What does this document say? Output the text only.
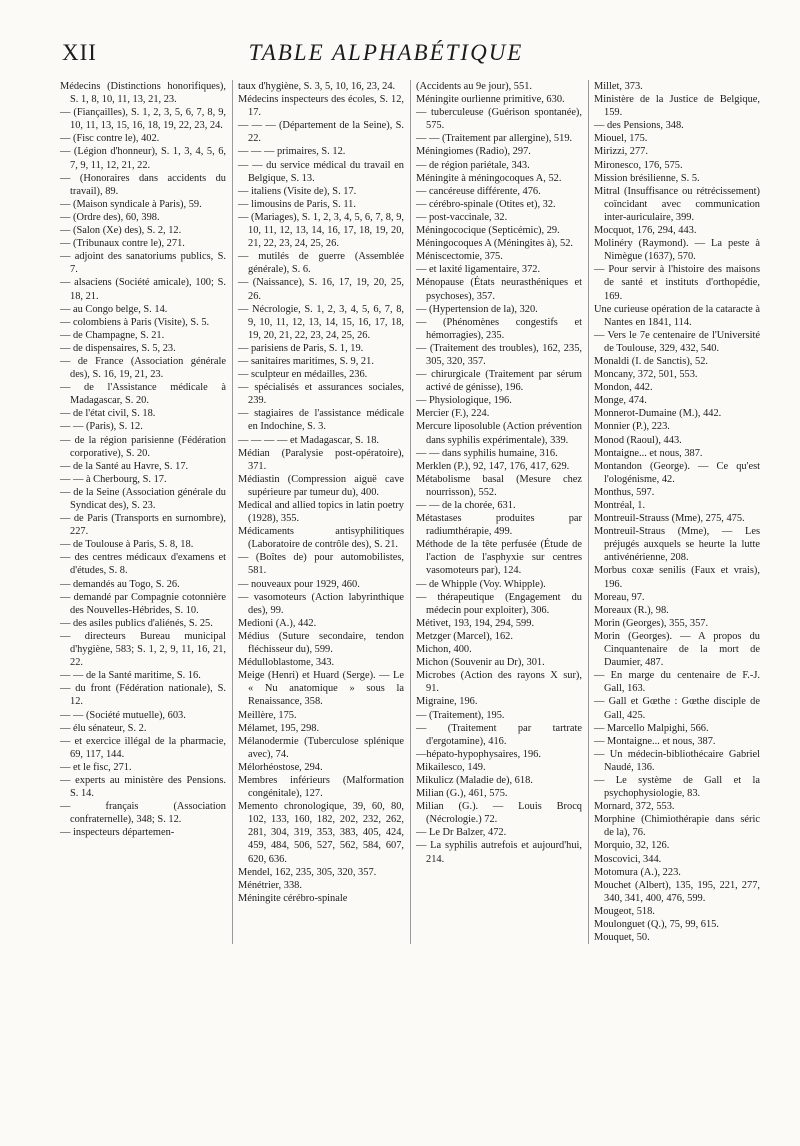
XII	TABLE ALPHABÉTIQUE

Médecins (Distinctions honorifiques), S. 1, 8, 10, 11, 13, 21, 23.

— (Fiançailles), S. 1, 2, 3, 5, 6, 7, 8, 9, 10, 11, 13, 15, 16, 18, 19, 22, 23, 24.

— (Fisc contre le), 402.

— (Légion d'honneur), S. 1, 3, 4, 5, 6, 7, 9, 11, 12, 21, 22.

— (Honoraires dans accidents du travail), 89.

— (Maison syndicale à Paris), 59.

— (Ordre des), 60, 398.

— (Salon (Xe) des), S. 2, 12.

— (Tribunaux contre le), 271.

— adjoint des sanatoriums publics, S. 7.

— alsaciens (Société amicale), 100; S. 18, 21.

— au Congo belge, S. 14.

— colombiens à Paris (Visite), S. 5.

— de Champagne, S. 21.

— de dispensaires, S. 5, 23.

— de France (Association générale des), S. 16, 19, 21, 23.

— de l'Assistance médicale à Madagascar, S. 20.

— de l'état civil, S. 18.

— — (Paris), S. 12.

— de la région parisienne (Fédération corporative), S. 20.

— de la Santé au Havre, S. 17.

— — à Cherbourg, S. 17.

— de la Seine (Association générale du Syndicat des), S. 23.

— de Paris (Transports en surnombre), 227.

— de Toulouse à Paris, S. 8, 18.

— des centres médicaux d'examens et d'études, S. 8.

— demandés au Togo, S. 26.

— demandé par Compagnie cotonnière des Nouvelles-Hébrides, S. 10.

— des asiles publics d'aliénés, S. 25.

— directeurs Bureau municipal d'hygiène, 583; S. 1, 2, 9, 11, 16, 21, 22.

— — de la Santé maritime, S. 16.

— du front (Fédération nationale), S. 12.

— — (Société mutuelle), 603.

— élu sénateur, S. 2.

— et exercice illégal de la pharmacie, 69, 117, 144.

— et le fisc, 271.

— experts au ministère des Pensions. S. 14.

— français (Association confraternelle), 348; S. 12.

— inspecteurs départemen-

taux d'hygiène, S. 3, 5, 10, 16, 23, 24.

Médecins inspecteurs des écoles, S. 12, 17.

— — — (Département de la Seine), S. 22.

— — — primaires, S. 12.

— — du service médical du travail en Belgique, S. 13.

— italiens (Visite de), S. 17.

— limousins de Paris, S. 11.

— (Mariages), S. 1, 2, 3, 4, 5, 6, 7, 8, 9, 10, 11, 12, 13, 14, 16, 17, 18, 19, 20, 21, 22, 23, 24, 25, 26.

— mutilés de guerre (Assemblée générale), S. 6.

— (Naissance), S. 16, 17, 19, 20, 25, 26.

— Nécrologie, S. 1, 2, 3, 4, 5, 6, 7, 8, 9, 10, 11, 12, 13, 14, 15, 16, 17, 18, 19, 20, 21, 22, 23, 24, 25, 26.

— parisiens de Paris, S. 1, 19.

— sanitaires maritimes, S. 9, 21.

— sculpteur en médailles, 236.

— spécialisés et assurances sociales, 239.

— stagiaires de l'assistance médicale en Indochine, S. 3.

— — — — et Madagascar, S. 18.

Médian (Paralysie post-opératoire), 371.

Médiastin (Compression aiguë cave supérieure par tumeur du), 400.

Medical and allied topics in latin poetry (1928), 355.

Médicaments antisyphilitiques (Laboratoire de contrôle des), S. 21.

— (Boîtes de) pour automobilistes, 581.

— nouveaux pour 1929, 460.

— vasomoteurs (Action labyrinthique des), 99.

Medioni (A.), 442.

Médius (Suture secondaire, tendon fléchisseur du), 599.

Médulloblastome, 343.

Meige (Henri) et Huard (Serge). — Le « Nu anatomique » sous la Renaissance, 358.

Meillère, 175.

Mélamet, 195, 298.

Mélanodermie (Tuberculose splénique avec), 74.

Mélorhéostose, 294.

Membres inférieurs (Malformation congénitale), 127.

Memento chronologique, 39, 60, 80, 102, 133, 160, 182, 202, 232, 262, 281, 304, 319, 353, 383, 405, 424, 459, 484, 506, 527, 562, 584, 607, 620, 636.

Mendel, 162, 235, 305, 320, 357.

Ménétrier, 338.

Méningite cérébro-spinale

(Accidents au 9e jour), 551.

Méningite ourlienne primitive, 630.

— tuberculeuse (Guérison spontanée), 575.

— — (Traitement par allergine), 519.

Méningiomes (Radio), 297.

— de région pariétale, 343.

Méningite à méningocoques A, 52.

— cancéreuse différente, 476.

— cérébro-spinale (Otites et), 32.

— post-vaccinale, 32.

Méningococique (Septicémic), 29.

Méningocoques A (Méningites à), 52.

Méniscectomie, 375.

— et laxité ligamentaire, 372.

Ménopause (États neurasthéniques et psychoses), 357.

— (Hypertension de la), 320.

— (Phénomènes congestifs et hémorragies), 235.

— (Traitement des troubles), 162, 235, 305, 320, 357.

— chirurgicale (Traitement par sérum activé de génisse), 196.

— Physiologique, 196.

Mercier (F.), 224.

Mercure liposoluble (Action prévention dans syphilis expérimentale), 339.

— — dans syphilis humaine, 316.

Merklen (P.), 92, 147, 176, 417, 629.

Métabolisme basal (Mesure chez nourrisson), 552.

— — de la chorée, 631.

Métastases produites par radiumthérapie, 499.

Méthode de la tête perfusée (Étude de l'action de l'asphyxie sur centres vasomoteurs par), 124.

— de Whipple (Voy. Whipple).

— thérapeutique (Engagement du médecin pour exploiter), 306.

Métivet, 193, 194, 294, 599.

Metzger (Marcel), 162.

Michon, 400.

Michon (Souvenir au Dr), 301.

Microbes (Action des rayons X sur), 91.

Migraine, 196.

— (Traitement), 195.

— (Traitement par tartrate d'ergotamine), 416.

—hépato-hypophysaires, 196.

Mikailesco, 149.

Mikulicz (Maladie de), 618.

Milian (G.), 461, 575.

Milian (G.). — Louis Brocq (Nécrologie.) 72.

— Le Dr Balzer, 472.

— La syphilis autrefois et aujourd'hui, 214.

Millet, 373.

Ministère de la Justice de Belgique, 159.

— des Pensions, 348.

Miouel, 175.

Mirizzi, 277.

Mironesco, 176, 575.

Mission brésilienne, S. 5.

Mitral (Insuffisance ou rétrécissement) coïncidant avec communication inter-auriculaire, 399.

Mocquot, 176, 294, 443.

Molinéry (Raymond). — La peste à Nimègue (1637), 570.

— Pour servir à l'histoire des maisons de santé et instituts d'orthopédie, 169.

Une curieuse opération de la cataracte à Nantes en 1841, 114.

— Vers le 7e centenaire de l'Université de Toulouse, 329, 432, 540.

Monaldi (I. de Sanctis), 52.

Moncany, 372, 501, 553.

Mondon, 442.

Monge, 474.

Monnerot-Dumaine (M.), 442.

Monnier (P.), 223.

Monod (Raoul), 443.

Montaigne... et nous, 387.

Montandon (George). — Ce qu'est l'ologénisme, 42.

Monthus, 597.

Montréal, 1.

Montreuil-Strauss (Mme), 275, 475.

Montreuil-Straus (Mme), — Les préjugés auxquels se heurte la lutte antivénérienne, 208.

Morbus coxæ senilis (Faux et vrais), 196.

Moreau, 97.

Moreaux (R.), 98.

Morin (Georges), 355, 357.

Morin (Georges). — A propos du Cinquantenaire de la mort de Daumier, 487.

— En marge du centenaire de F.-J. Gall, 163.

— Gall et Gœthe : Gœthe disciple de Gall, 425.

— Marcello Malpighi, 566.

— Montaigne... et nous, 387.

— Un médecin-bibliothécaire Gabriel Naudé, 136.

— Le système de Gall et la psychophysiologie, 83.

Mornard, 372, 553.

Morphine (Chimiothérapie dans séric de la), 76.

Morquio, 32, 126.

Moscovici, 344.

Motomura (A.), 223.

Mouchet (Albert), 135, 195, 221, 277, 340, 341, 400, 476, 599.

Mougeot, 518.

Moulonguet (Q.), 75, 99, 615.

Mouquet, 50.
